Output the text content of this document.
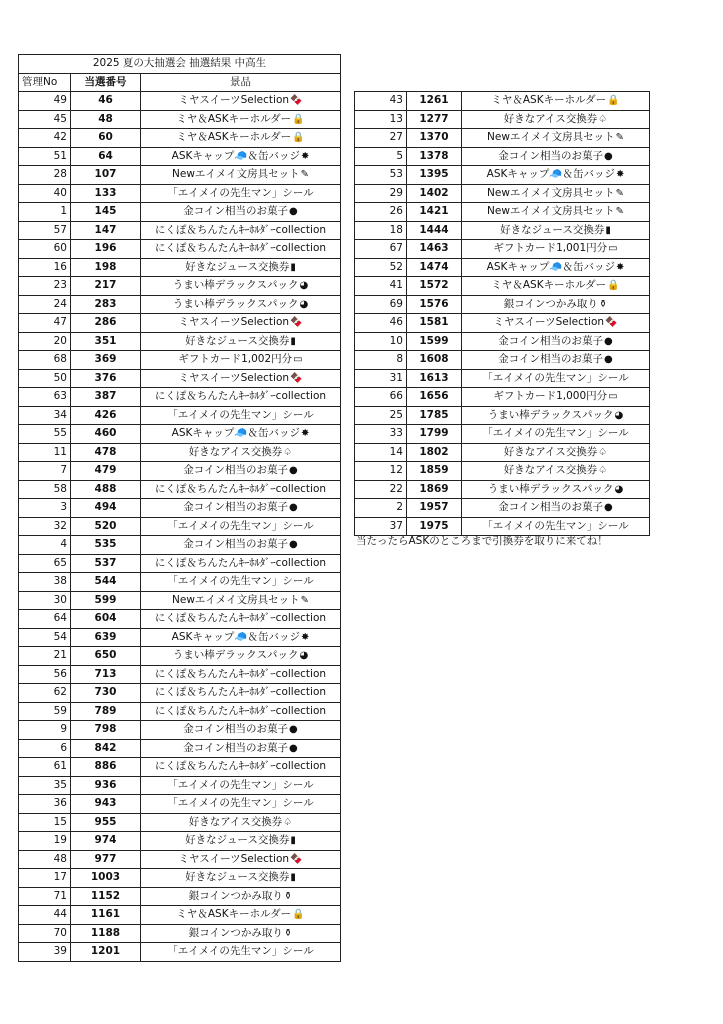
2025 夏の大抽選会 抽選結果 中高生		
管理No	当選番号	景品
49	46	ミヤスイーツSelection🍫
45	48	ミヤ＆ASKキーホルダー🔒
42	60	ミヤ＆ASKキーホルダー🔒
51	64	ASKキャップ🧢＆缶バッジ✸
28	107	Newエイメイ文房具セット✎
40	133	「エイメイの先生マン」シール
1	145	金コイン相当のお菓子●
57	147	にくぽ＆ちんたんｷｰﾎﾙﾀﾞｰcollection
60	196	にくぽ＆ちんたんｷｰﾎﾙﾀﾞｰcollection
16	198	好きなジュース交換券▮
23	217	うまい棒デラックスパック◕
24	283	うまい棒デラックスパック◕
47	286	ミヤスイーツSelection🍫
20	351	好きなジュース交換券▮
68	369	ギフトカード1,002円分▭
50	376	ミヤスイーツSelection🍫
63	387	にくぽ＆ちんたんｷｰﾎﾙﾀﾞｰcollection
34	426	「エイメイの先生マン」シール
55	460	ASKキャップ🧢＆缶バッジ✸
11	478	好きなアイス交換券♤
7	479	金コイン相当のお菓子●
58	488	にくぽ＆ちんたんｷｰﾎﾙﾀﾞｰcollection
3	494	金コイン相当のお菓子●
32	520	「エイメイの先生マン」シール
4	535	金コイン相当のお菓子●
65	537	にくぽ＆ちんたんｷｰﾎﾙﾀﾞｰcollection
38	544	「エイメイの先生マン」シール
30	599	Newエイメイ文房具セット✎
64	604	にくぽ＆ちんたんｷｰﾎﾙﾀﾞｰcollection
54	639	ASKキャップ🧢＆缶バッジ✸
21	650	うまい棒デラックスパック◕
56	713	にくぽ＆ちんたんｷｰﾎﾙﾀﾞｰcollection
62	730	にくぽ＆ちんたんｷｰﾎﾙﾀﾞｰcollection
59	789	にくぽ＆ちんたんｷｰﾎﾙﾀﾞｰcollection
9	798	金コイン相当のお菓子●
6	842	金コイン相当のお菓子●
61	886	にくぽ＆ちんたんｷｰﾎﾙﾀﾞｰcollection
35	936	「エイメイの先生マン」シール
36	943	「エイメイの先生マン」シール
15	955	好きなアイス交換券♤
19	974	好きなジュース交換券▮
48	977	ミヤスイーツSelection🍫
17	1003	好きなジュース交換券▮
71	1152	銀コインつかみ取り⚱
44	1161	ミヤ＆ASKキーホルダー🔒
70	1188	銀コインつかみ取り⚱
39	1201	「エイメイの先生マン」シール
43	1261	ミヤ＆ASKキーホルダー🔒
13	1277	好きなアイス交換券♤
27	1370	Newエイメイ文房具セット✎
5	1378	金コイン相当のお菓子●
53	1395	ASKキャップ🧢＆缶バッジ✸
29	1402	Newエイメイ文房具セット✎
26	1421	Newエイメイ文房具セット✎
18	1444	好きなジュース交換券▮
67	1463	ギフトカード1,001円分▭
52	1474	ASKキャップ🧢＆缶バッジ✸
41	1572	ミヤ＆ASKキーホルダー🔒
69	1576	銀コインつかみ取り⚱
46	1581	ミヤスイーツSelection🍫
10	1599	金コイン相当のお菓子●
8	1608	金コイン相当のお菓子●
31	1613	「エイメイの先生マン」シール
66	1656	ギフトカード1,000円分▭
25	1785	うまい棒デラックスパック◕
33	1799	「エイメイの先生マン」シール
14	1802	好きなアイス交換券♤
12	1859	好きなアイス交換券♤
22	1869	うまい棒デラックスパック◕
2	1957	金コイン相当のお菓子●
37	1975	「エイメイの先生マン」シール
当たったらASKのところまで引換券を取りに来てね！
